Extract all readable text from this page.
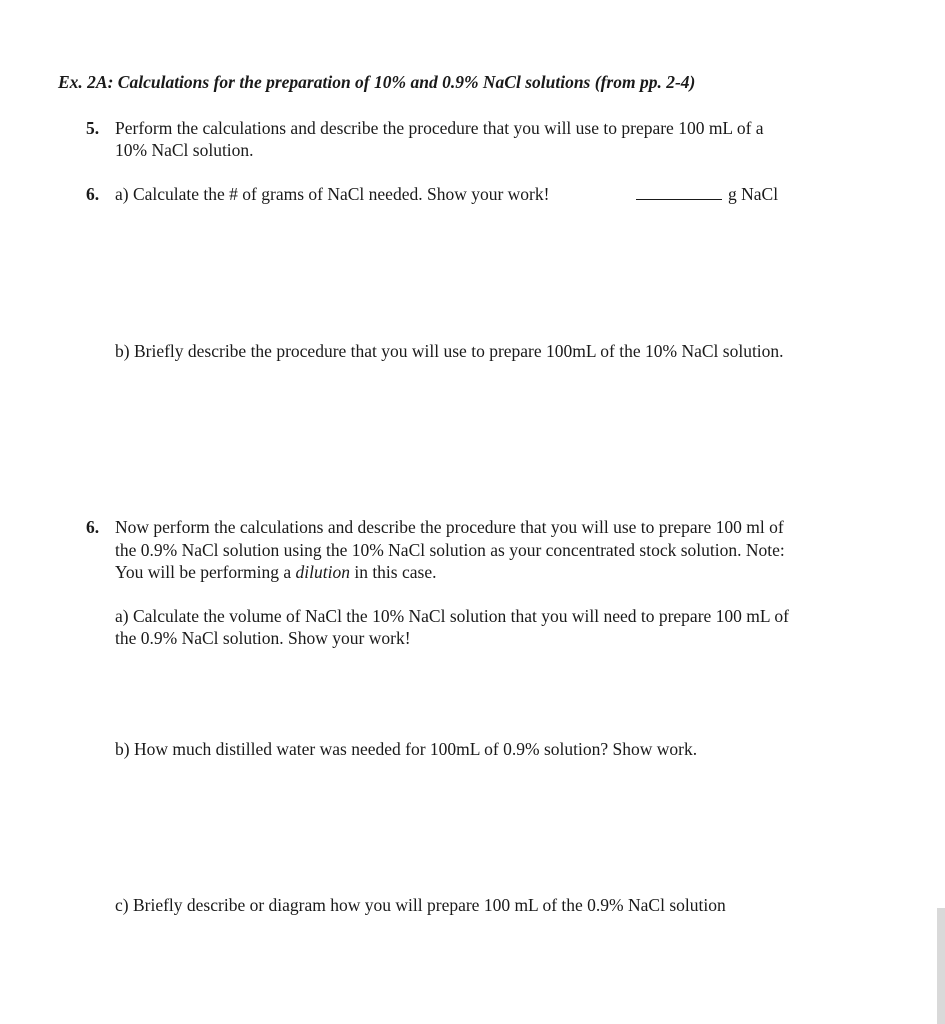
Ex. 2A: Calculations for the preparation of 10% and 0.9% NaCl solutions (from pp. 2-4)
5. Perform the calculations and describe the procedure that you will use to prepare 100 mL of a
10% NaCl solution.
6. a) Calculate the # of grams of NaCl needed. Show your work!	g NaCl
b) Briefly describe the procedure that you will use to prepare 100mL of the 10% NaCl solution.
6. Now perform the calculations and describe the procedure that you will use to prepare 100 ml of
the 0.9% NaCl solution using the 10% NaCl solution as your concentrated stock solution. Note:
You will be performing a dilution in this case.
a) Calculate the volume of NaCl the 10% NaCl solution that you will need to prepare 100 mL of
the 0.9% NaCl solution. Show your work!
b) How much distilled water was needed for 100mL of 0.9% solution? Show work.
c) Briefly describe or diagram how you will prepare 100 mL of the 0.9% NaCl solution
